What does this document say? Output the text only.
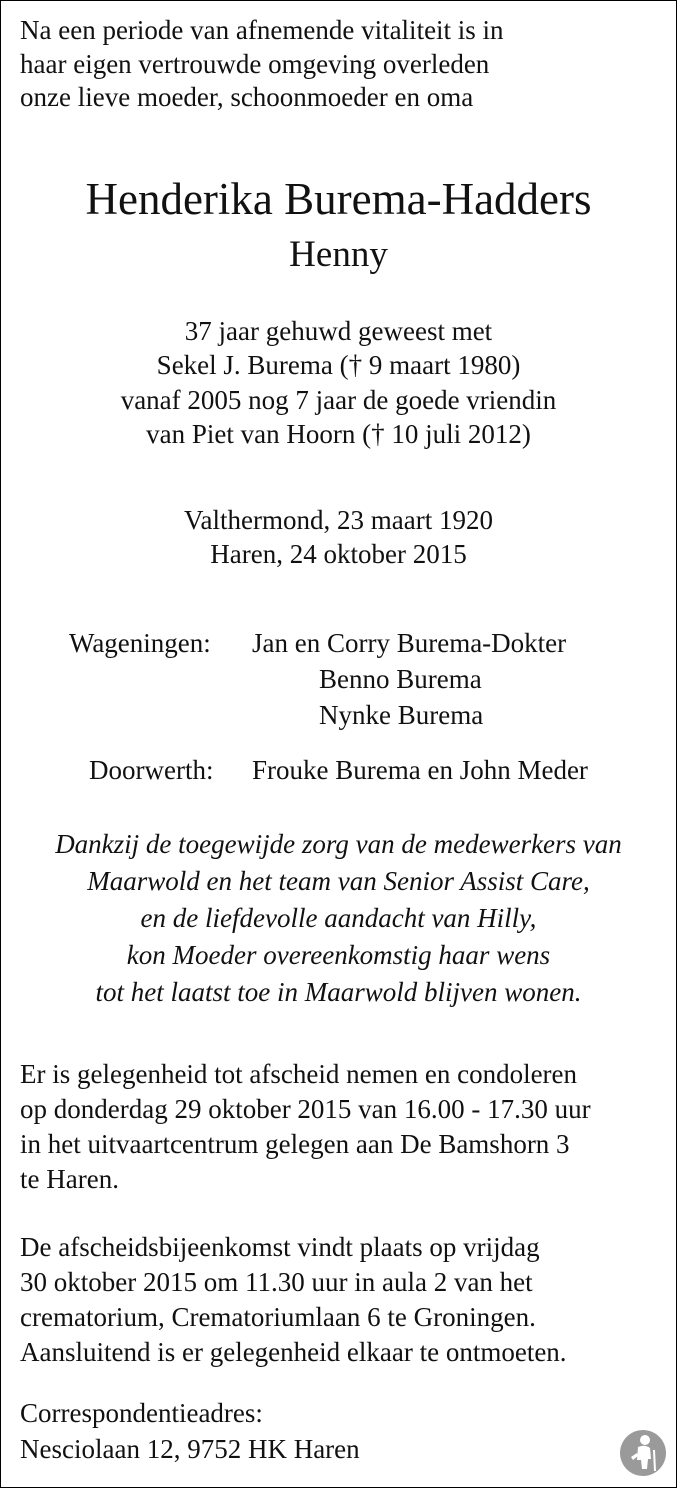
Na een periode van afnemende vitaliteit is in
haar eigen vertrouwde omgeving overleden
onze lieve moeder, schoonmoeder en oma
Henderika Burema-Hadders
Henny
37 jaar gehuwd geweest met
Sekel J. Burema († 9 maart 1980)
vanaf 2005 nog 7 jaar de goede vriendin
van Piet van Hoorn († 10 juli 2012)
Valthermond, 23 maart 1920
Haren, 24 oktober 2015
Wageningen: Jan en Corry Burema-Dokter
Benno Burema
Nynke Burema
Doorwerth: Frouke Burema en John Meder
Dankzij de toegewijde zorg van de medewerkers van
Maarwold en het team van Senior Assist Care,
en de liefdevolle aandacht van Hilly,
kon Moeder overeenkomstig haar wens
tot het laatst toe in Maarwold blijven wonen.
Er is gelegenheid tot afscheid nemen en condoleren
op donderdag 29 oktober 2015 van 16.00 - 17.30 uur
in het uitvaartcentrum gelegen aan De Bamshorn 3
te Haren.
De afscheidsbijeenkomst vindt plaats op vrijdag
30 oktober 2015 om 11.30 uur in aula 2 van het
crematorium, Crematoriumlaan 6 te Groningen.
Aansluitend is er gelegenheid elkaar te ontmoeten.
Correspondentieadres:
Nesciolaan 12, 9752 HK Haren
